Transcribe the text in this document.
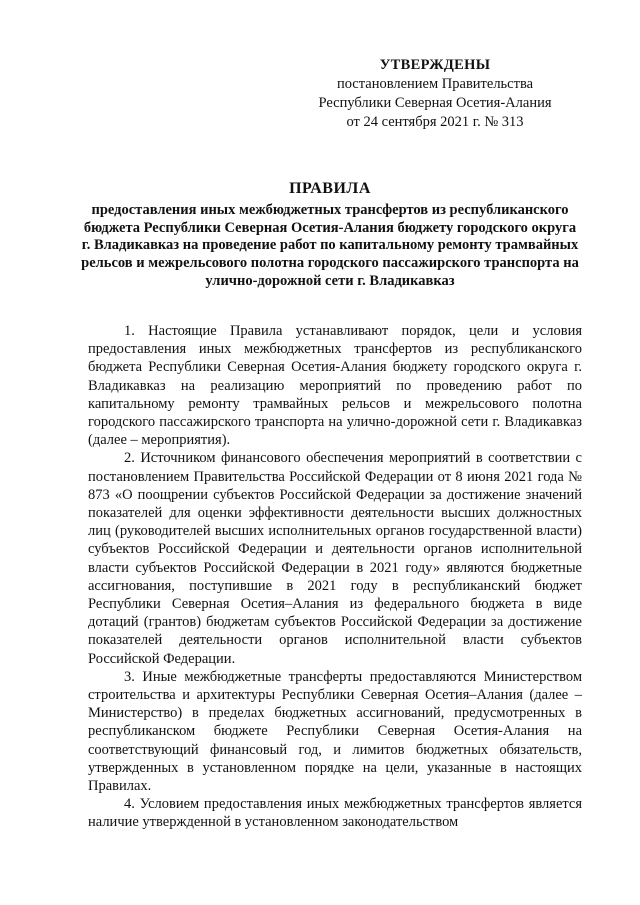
УТВЕРЖДЕНЫ
постановлением Правительства
Республики Северная Осетия-Алания
от 24 сентября 2021 г. № 313
ПРАВИЛА
предоставления иных межбюджетных трансфертов из республиканского бюджета Республики Северная Осетия-Алания бюджету городского округа г. Владикавказ на проведение работ по капитальному ремонту трамвайных рельсов и межрельсового полотна городского пассажирского транспорта на улично-дорожной сети г. Владикавказ

1. Настоящие Правила устанавливают порядок, цели и условия предоставления иных межбюджетных трансфертов из республиканского бюджета Республики Северная Осетия-Алания бюджету городского округа г. Владикавказ на реализацию мероприятий по проведению работ по капитальному ремонту трамвайных рельсов и межрельсового полотна городского пассажирского транспорта на улично-дорожной сети г. Владикавказ (далее – мероприятия).

2. Источником финансового обеспечения мероприятий в соответствии с постановлением Правительства Российской Федерации от 8 июня 2021 года № 873 «О поощрении субъектов Российской Федерации за достижение значений показателей для оценки эффективности деятельности высших должностных лиц (руководителей высших исполнительных органов государственной власти) субъектов Российской Федерации и деятельности органов исполнительной власти субъектов Российской Федерации в 2021 году» являются бюджетные ассигнования, поступившие в 2021 году в республиканский бюджет Республики Северная Осетия–Алания из федерального бюджета в виде дотаций (грантов) бюджетам субъектов Российской Федерации за достижение показателей деятельности органов исполнительной власти субъектов Российской Федерации.

3. Иные межбюджетные трансферты предоставляются Министерством строительства и архитектуры Республики Северная Осетия–Алания (далее – Министерство) в пределах бюджетных ассигнований, предусмотренных в республиканском бюджете Республики Северная Осетия-Алания на соответствующий финансовый год, и лимитов бюджетных обязательств, утвержденных в установленном порядке на цели, указанные в настоящих Правилах.

4. Условием предоставления иных межбюджетных трансфертов является наличие утвержденной в установленном законодательством
